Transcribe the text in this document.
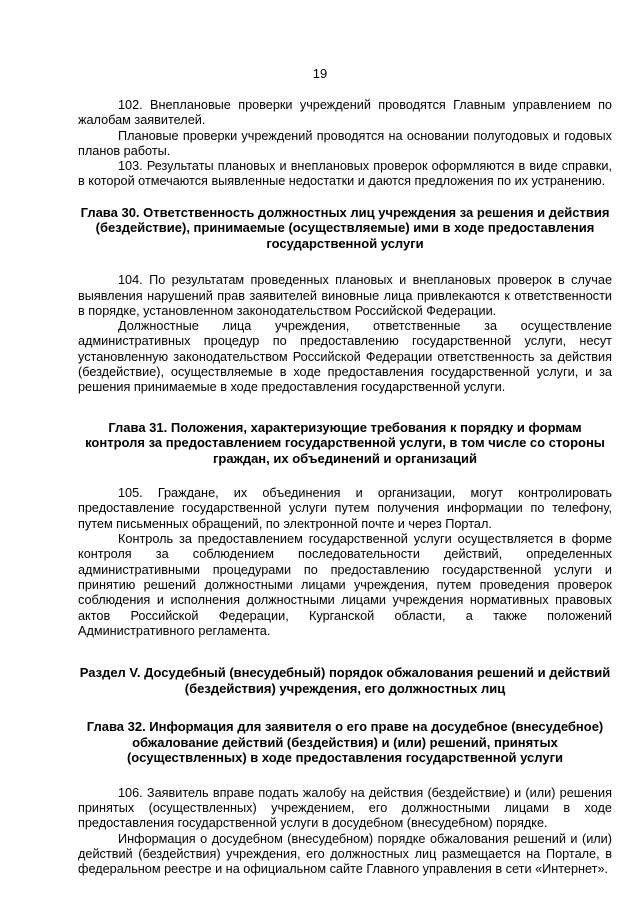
19

102. Внеплановые проверки учреждений проводятся Главным управлением по жалобам заявителей.

Плановые проверки учреждений проводятся на основании полугодовых и годовых планов работы.

103. Результаты плановых и внеплановых проверок оформляются в виде справки, в которой отмечаются выявленные недостатки и даются предложения по их устранению.

Глава 30. Ответственность должностных лиц учреждения за решения и действия (бездействие), принимаемые (осуществляемые) ими в ходе предоставления государственной услуги

104. По результатам проведенных плановых и внеплановых проверок в случае выявления нарушений прав заявителей виновные лица привлекаются к ответственности в порядке, установленном законодательством Российской Федерации.

Должностные лица учреждения, ответственные за осуществление административных процедур по предоставлению государственной услуги, несут установленную законодательством Российской Федерации ответственность за действия (бездействие), осуществляемые в ходе предоставления государственной услуги, и за решения принимаемые в ходе предоставления государственной услуги.

Глава 31. Положения, характеризующие требования к порядку и формам контроля за предоставлением государственной услуги, в том числе со стороны граждан, их объединений и организаций

105. Граждане, их объединения и организации, могут контролировать предоставление государственной услуги путем получения информации по телефону, путем письменных обращений, по электронной почте и через Портал.

Контроль за предоставлением государственной услуги осуществляется в форме контроля за соблюдением последовательности действий, определенных административными процедурами по предоставлению государственной услуги и принятию решений должностными лицами учреждения, путем проведения проверок соблюдения и исполнения должностными лицами учреждения нормативных правовых актов Российской Федерации, Курганской области, а также положений Административного регламента.

Раздел V. Досудебный (внесудебный) порядок обжалования решений и действий (бездействия) учреждения, его должностных лиц
Глава 32. Информация для заявителя о его праве на досудебное (внесудебное) обжалование действий (бездействия) и (или) решений, принятых (осуществленных) в ходе предоставления государственной услуги

106. Заявитель вправе подать жалобу на действия (бездействие) и (или) решения принятых (осуществленных) учреждением, его должностными лицами в ходе предоставления государственной услуги в досудебном (внесудебном) порядке.

Информация о досудебном (внесудебном) порядке обжалования решений и (или) действий (бездействия) учреждения, его должностных лиц размещается на Портале, в федеральном реестре и на официальном сайте Главного управления в сети «Интернет».
